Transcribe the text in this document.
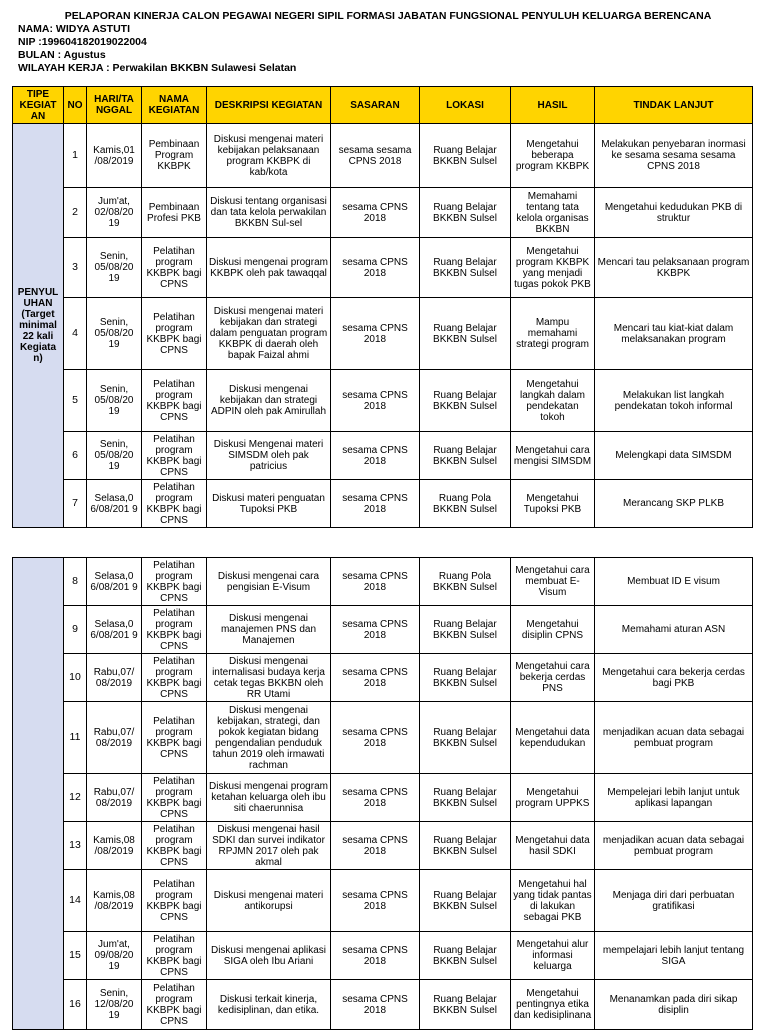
PELAPORAN KINERJA CALON PEGAWAI NEGERI SIPIL FORMASI JABATAN FUNGSIONAL PENYULUH KELUARGA BERENCANA
NAMA: WIDYA ASTUTI
NIP :199604182019022004
BULAN : Agustus
WILAYAH KERJA : Perwakilan BKKBN Sulawesi Selatan
TIPE KEGIAT AN	NO	HARI/TA NGGAL	NAMA KEGIATAN	DESKRIPSI KEGIATAN	SASARAN	LOKASI	HASIL	TINDAK LANJUT
PENYUL UHAN (Target minimal 22 kali Kegiata n)	1	Kamis,01 /08/2019	Pembinaan Program KKBPK	Diskusi mengenai materi kebijakan pelaksanaan program KKBPK di kab/kota	sesama sesama CPNS 2018	Ruang Belajar BKKBN Sulsel	Mengetahui beberapa program KKBPK	Melakukan penyebaran inormasi ke sesama sesama sesama CPNS 2018
	2	Jum'at, 02/08/20 19	Pembinaan Profesi PKB	Diskusi tentang organisasi dan tata kelola perwakilan BKKBN Sul-sel	sesama CPNS 2018	Ruang Belajar BKKBN Sulsel	Memahami tentang tata kelola organisas BKKBN	Mengetahui kedudukan PKB di struktur
	3	Senin, 05/08/20 19	Pelatihan program KKBPK bagi CPNS	Diskusi mengenai program KKBPK oleh pak tawaqqal	sesama CPNS 2018	Ruang Belajar BKKBN Sulsel	Mengetahui program KKBPK yang menjadi tugas pokok PKB	Mencari tau pelaksanaan program KKBPK
	4	Senin, 05/08/20 19	Pelatihan program KKBPK bagi CPNS	Diskusi mengenai materi kebijakan dan strategi dalam penguatan program KKBPK di daerah oleh bapak Faizal ahmi	sesama CPNS 2018	Ruang Belajar BKKBN Sulsel	Mampu memahami strategi program	Mencari tau kiat-kiat dalam melaksanakan program
	5	Senin, 05/08/20 19	Pelatihan program KKBPK bagi CPNS	Diskusi mengenai kebijakan dan strategi ADPIN oleh pak Amirullah	sesama CPNS 2018	Ruang Belajar BKKBN Sulsel	Mengetahui langkah dalam pendekatan tokoh	Melakukan list langkah pendekatan tokoh informal
	6	Senin, 05/08/20 19	Pelatihan program KKBPK bagi CPNS	Diskusi Mengenai materi SIMSDM oleh pak patricius	sesama CPNS 2018	Ruang Belajar BKKBN Sulsel	Mengetahui cara mengisi SIMSDM	Melengkapi data SIMSDM
	7	Selasa,0 6/08/201 9	Pelatihan program KKBPK bagi CPNS	Diskusi materi penguatan Tupoksi PKB	sesama CPNS 2018	Ruang Pola BKKBN Sulsel	Mengetahui Tupoksi PKB	Merancang SKP PLKB
	8	Selasa,0 6/08/201 9	Pelatihan program KKBPK bagi CPNS	Diskusi mengenai cara pengisian E-Visum	sesama CPNS 2018	Ruang Pola BKKBN Sulsel	Mengetahui cara membuat E-Visum	Membuat ID E visum
	9	Selasa,0 6/08/201 9	Pelatihan program KKBPK bagi CPNS	Diskusi mengenai manajemen PNS dan Manajemen	sesama CPNS 2018	Ruang Belajar BKKBN Sulsel	Mengetahui disiplin CPNS	Memahami aturan ASN
	10	Rabu,07/ 08/2019	Pelatihan program KKBPK bagi CPNS	Diskusi mengenai internalisasi budaya kerja cetak tegas BKKBN oleh RR Utami	sesama CPNS 2018	Ruang Belajar BKKBN Sulsel	Mengetahui cara bekerja cerdas PNS	Mengetahui cara bekerja cerdas bagi PKB
	11	Rabu,07/ 08/2019	Pelatihan program KKBPK bagi CPNS	Diskusi mengenai kebijakan, strategi, dan pokok kegiatan bidang pengendalian penduduk tahun 2019 oleh irmawati rachman	sesama CPNS 2018	Ruang Belajar BKKBN Sulsel	Mengetahui data kependudukan	menjadikan acuan data sebagai pembuat program
	12	Rabu,07/ 08/2019	Pelatihan program KKBPK bagi CPNS	Diskusi mengenai program ketahan keluarga oleh ibu siti chaerunnisa	sesama CPNS 2018	Ruang Belajar BKKBN Sulsel	Mengetahui program UPPKS	Mempelejari lebih lanjut untuk aplikasi lapangan
	13	Kamis,08 /08/2019	Pelatihan program KKBPK bagi CPNS	Diskusi mengenai hasil SDKI dan survei indikator RPJMN 2017 oleh pak akmal	sesama CPNS 2018	Ruang Belajar BKKBN Sulsel	Mengetahui data hasil SDKI	menjadikan acuan data sebagai pembuat program
	14	Kamis,08 /08/2019	Pelatihan program KKBPK bagi CPNS	Diskusi mengenai materi antikorupsi	sesama CPNS 2018	Ruang Belajar BKKBN Sulsel	Mengetahui hal yang tidak pantas di lakukan sebagai PKB	Menjaga diri dari perbuatan gratifikasi
	15	Jum'at, 09/08/20 19	Pelatihan program KKBPK bagi CPNS	Diskusi mengenai aplikasi SIGA oleh Ibu Ariani	sesama CPNS 2018	Ruang Belajar BKKBN Sulsel	Mengetahui alur informasi keluarga	mempelajari lebih lanjut tentang SIGA
	16	Senin, 12/08/20 19	Pelatihan program KKBPK bagi CPNS	Diskusi terkait kinerja, kedisiplinan, dan etika.	sesama CPNS 2018	Ruang Belajar BKKBN Sulsel	Mengetahui pentingnya etika dan kedisiplinana	Menanamkan pada diri sikap disiplin
